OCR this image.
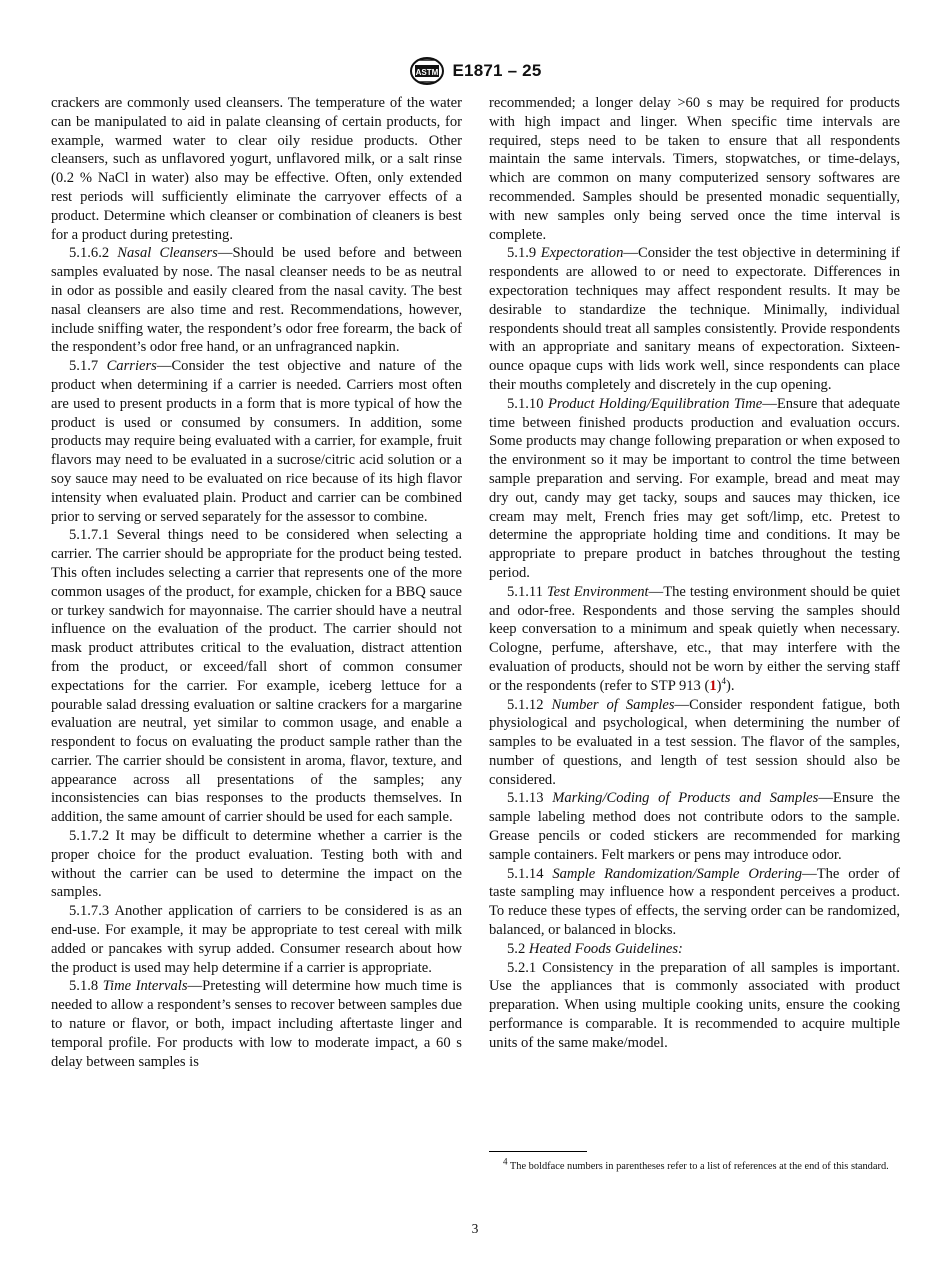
ASTM E1871 – 25

crackers are commonly used cleansers. The temperature of the water can be manipulated to aid in palate cleansing of certain products, for example, warmed water to clear oily residue products. Other cleansers, such as unflavored yogurt, unflavored milk, or a salt rinse (0.2 % NaCl in water) also may be effective. Often, only extended rest periods will sufficiently eliminate the carryover effects of a product. Determine which cleanser or combination of cleaners is best for a product during pretesting.

5.1.6.2 Nasal Cleansers—Should be used before and between samples evaluated by nose. The nasal cleanser needs to be as neutral in odor as possible and easily cleared from the nasal cavity. The best nasal cleansers are also time and rest. Recommendations, however, include sniffing water, the respondent’s odor free forearm, the back of the respondent’s odor free hand, or an unfragranced napkin.

5.1.7 Carriers—Consider the test objective and nature of the product when determining if a carrier is needed. Carriers most often are used to present products in a form that is more typical of how the product is used or consumed by consumers. In addition, some products may require being evaluated with a carrier, for example, fruit flavors may need to be evaluated in a sucrose/citric acid solution or a soy sauce may need to be evaluated on rice because of its high flavor intensity when evaluated plain. Product and carrier can be combined prior to serving or served separately for the assessor to combine.

5.1.7.1 Several things need to be considered when selecting a carrier. The carrier should be appropriate for the product being tested. This often includes selecting a carrier that represents one of the more common usages of the product, for example, chicken for a BBQ sauce or turkey sandwich for mayonnaise. The carrier should have a neutral influence on the evaluation of the product. The carrier should not mask product attributes critical to the evaluation, distract attention from the product, or exceed/fall short of common consumer expectations for the carrier. For example, iceberg lettuce for a pourable salad dressing evaluation or saltine crackers for a margarine evaluation are neutral, yet similar to common usage, and enable a respondent to focus on evaluating the product sample rather than the carrier. The carrier should be consistent in aroma, flavor, texture, and appearance across all presentations of the samples; any inconsistencies can bias responses to the products themselves. In addition, the same amount of carrier should be used for each sample.

5.1.7.2 It may be difficult to determine whether a carrier is the proper choice for the product evaluation. Testing both with and without the carrier can be used to determine the impact on the samples.

5.1.7.3 Another application of carriers to be considered is as an end-use. For example, it may be appropriate to test cereal with milk added or pancakes with syrup added. Consumer research about how the product is used may help determine if a carrier is appropriate.

5.1.8 Time Intervals—Pretesting will determine how much time is needed to allow a respondent’s senses to recover between samples due to nature or flavor, or both, impact including aftertaste linger and temporal profile. For products with low to moderate impact, a 60 s delay between samples is

recommended; a longer delay >60 s may be required for products with high impact and linger. When specific time intervals are required, steps need to be taken to ensure that all respondents maintain the same intervals. Timers, stopwatches, or time-delays, which are common on many computerized sensory softwares are recommended. Samples should be presented monadic sequentially, with new samples only being served once the time interval is complete.

5.1.9 Expectoration—Consider the test objective in determining if respondents are allowed to or need to expectorate. Differences in expectoration techniques may affect respondent results. It may be desirable to standardize the technique. Minimally, individual respondents should treat all samples consistently. Provide respondents with an appropriate and sanitary means of expectoration. Sixteen-ounce opaque cups with lids work well, since respondents can place their mouths completely and discretely in the cup opening.

5.1.10 Product Holding/Equilibration Time—Ensure that adequate time between finished products production and evaluation occurs. Some products may change following preparation or when exposed to the environment so it may be important to control the time between sample preparation and serving. For example, bread and meat may dry out, candy may get tacky, soups and sauces may thicken, ice cream may melt, French fries may get soft/limp, etc. Pretest to determine the appropriate holding time and conditions. It may be appropriate to prepare product in batches throughout the testing period.

5.1.11 Test Environment—The testing environment should be quiet and odor-free. Respondents and those serving the samples should keep conversation to a minimum and speak quietly when necessary. Cologne, perfume, aftershave, etc., that may interfere with the evaluation of products, should not be worn by either the serving staff or the respondents (refer to STP 913 $(1)^4$).

5.1.12 Number of Samples—Consider respondent fatigue, both physiological and psychological, when determining the number of samples to be evaluated in a test session. The flavor of the samples, number of questions, and length of test session should also be considered.

5.1.13 Marking/Coding of Products and Samples—Ensure the sample labeling method does not contribute odors to the sample. Grease pencils or coded stickers are recommended for marking sample containers. Felt markers or pens may introduce odor.

5.1.14 Sample Randomization/Sample Ordering—The order of taste sampling may influence how a respondent perceives a product. To reduce these types of effects, the serving order can be randomized, balanced, or balanced in blocks.

5.2 Heated Foods Guidelines:

5.2.1 Consistency in the preparation of all samples is important. Use the appliances that is commonly associated with product preparation. When using multiple cooking units, ensure the cooking performance is comparable. It is recommended to acquire multiple units of the same make/model.

$^4$ The boldface numbers in parentheses refer to a list of references at the end of this standard.

3
